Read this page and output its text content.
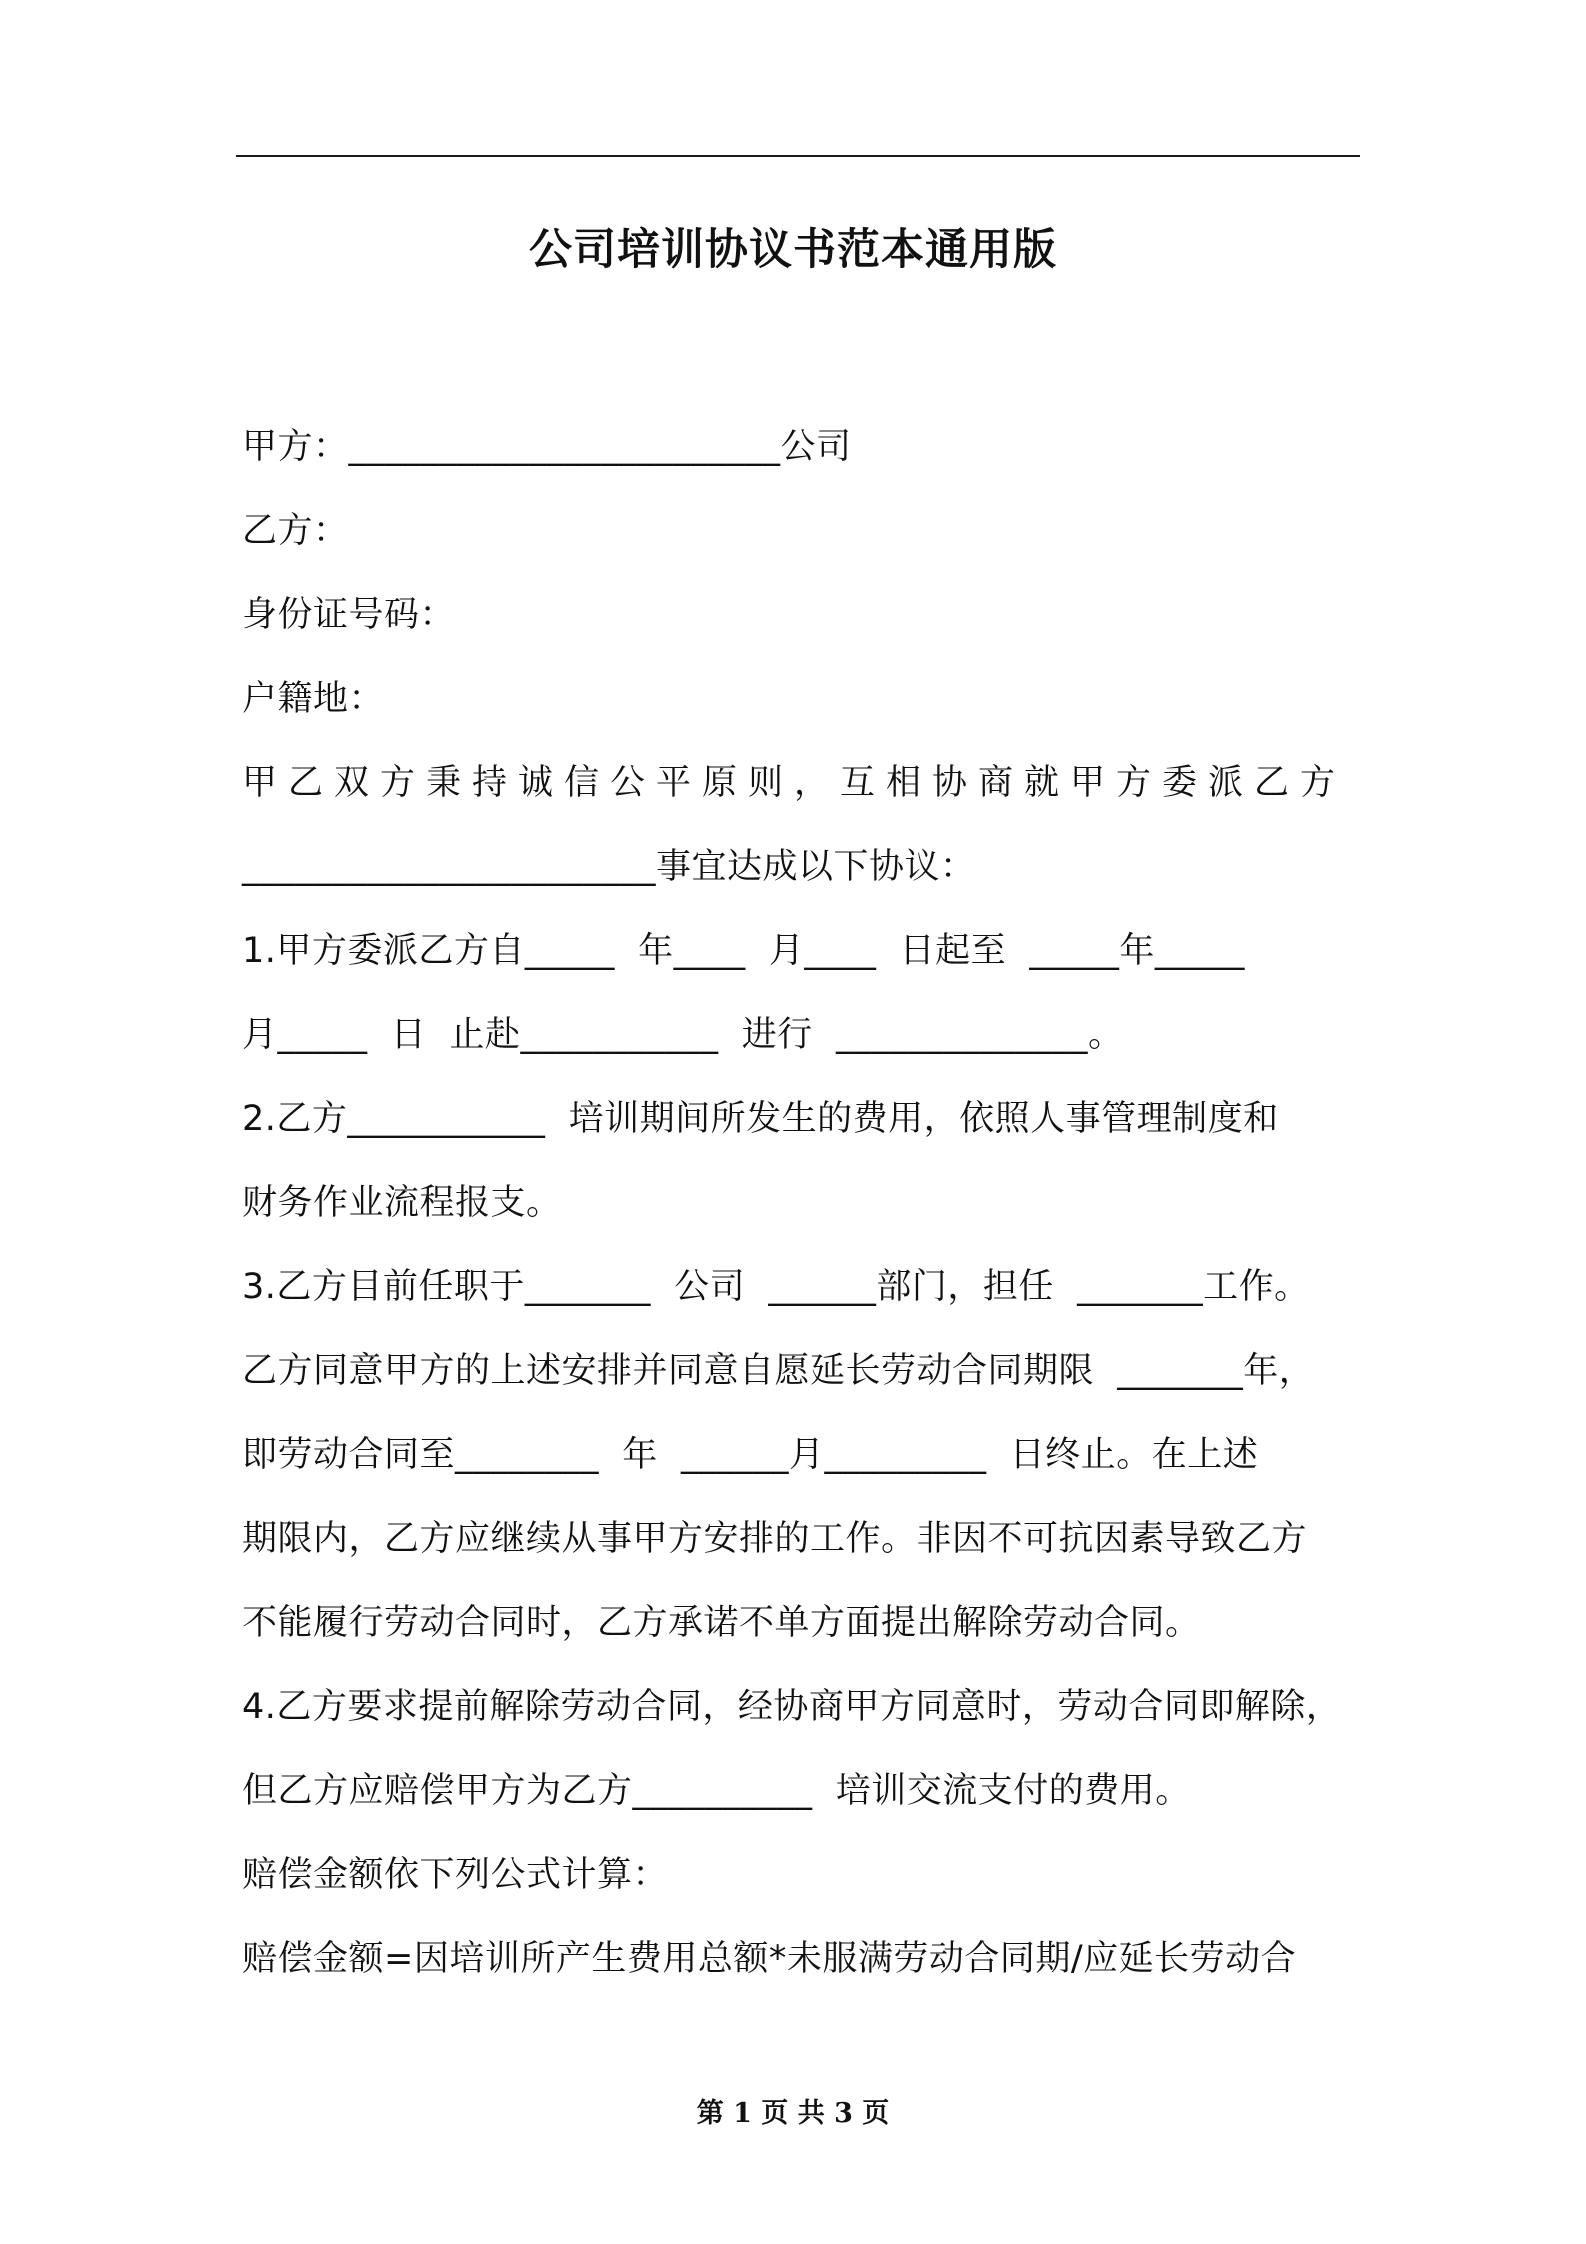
公司培训协议书范本通用版
甲方：________________________公司
乙方：
身份证号码：
户籍地：
甲乙双方秉持诚信公平原则，互相协商就甲方委派乙方
_______________________事宜达成以下协议：
1.甲方委派乙方自_____  年____  月____  日起至  _____年_____
月_____  日  止赴___________  进行  ______________。
2.乙方___________  培训期间所发生的费用，依照人事管理制度和
财务作业流程报支。
3.乙方目前任职于_______  公司  ______部门，担任  _______工作。
乙方同意甲方的上述安排并同意自愿延长劳动合同期限  _______年，
即劳动合同至________  年  ______月_________  日终止。在上述
期限内，乙方应继续从事甲方安排的工作。非因不可抗因素导致乙方
不能履行劳动合同时，乙方承诺不单方面提出解除劳动合同。
4.乙方要求提前解除劳动合同，经协商甲方同意时，劳动合同即解除，
但乙方应赔偿甲方为乙方__________  培训交流支付的费用。
赔偿金额依下列公式计算：
赔偿金额=因培训所产生费用总额*未服满劳动合同期/应延长劳动合
第 1 页 共 3 页
